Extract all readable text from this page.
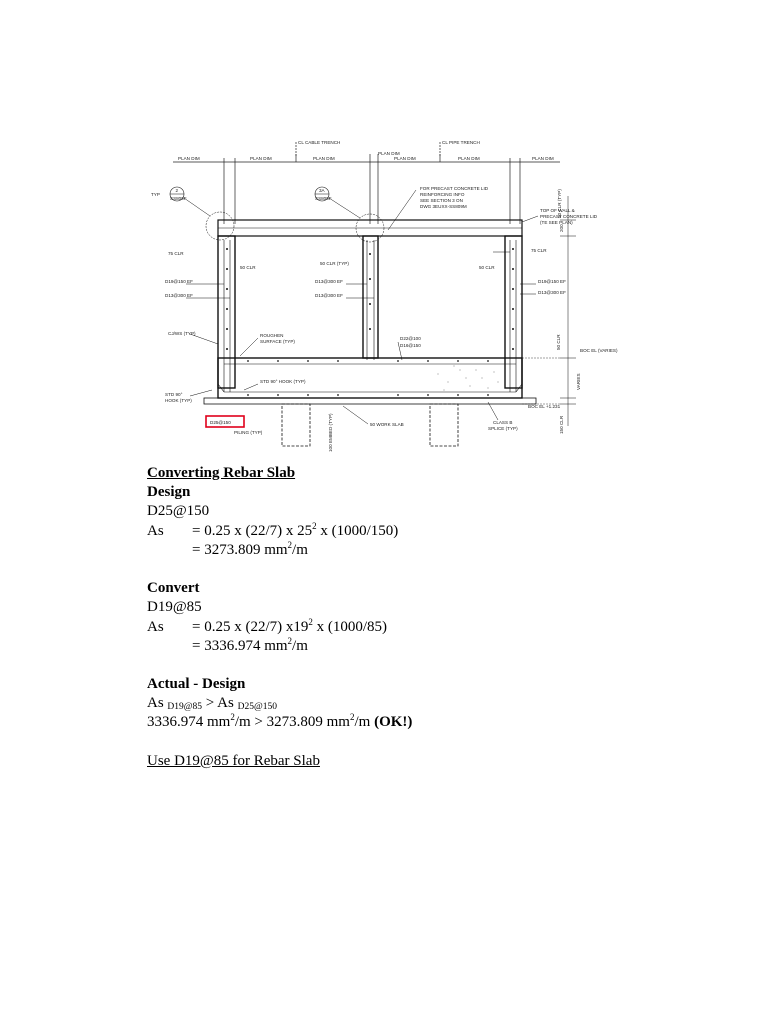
CL CABLE TRENCH	CL PIPE TRENCH
PLAN DIM	PLAN DIM	PLAN DIM
PLAN DIM
PLAN DIM	PLAN DIM	PLAN DIM
TYP
2
SS809F
3A
SS809F
FOR PRECAST CONCRETE LID
REINFORCING INFO
SEE SECTION 3 ON
DWG 3EUXX-SS809M
TOP OF WALL &
PRECAST CONCRETE LID
(TE SEE PLAN)
50 CLR (TYP)
200
75 CLR
75 CLR
50 CLR
50 CLR (TYP)
50 CLR
D19@150 EF
D13@300 EF
D13@300 EF
D13@300 EF
D19@150 EF
D13@300 EF
CJ/WS (TYP)	ROUGHEN
SURFACE (TYP)
D22@100
D16@150	50 CLR
BOC EL (VARIES)
VARIES
STD 90° HOOK (TYP)
STD 90°
HOOK (TYP)
D25@150
PILING (TYP)	100 EMBED (TYP)	50 WORK SLAB	CLASS B
SPLICE (TYP)	150 CLR
BOC EL +1.231
Converting Rebar Slab
Design
D25@150
As = 0.25 x (22/7) x $25^2$ x (1000/150)
= 3273.809 $mm^2/m$
Convert
D19@85
As = 0.25 x (22/7) $x19^2$ x (1000/85)
= 3336.974 $mm^2/m$
Actual - Design
As $_{D19@85}$ > As $_{D25@150}$
3336.974 $mm^2/m > 3273.809$ $mm^2/m$ (OK!)
Use D19@85 for Rebar Slab
